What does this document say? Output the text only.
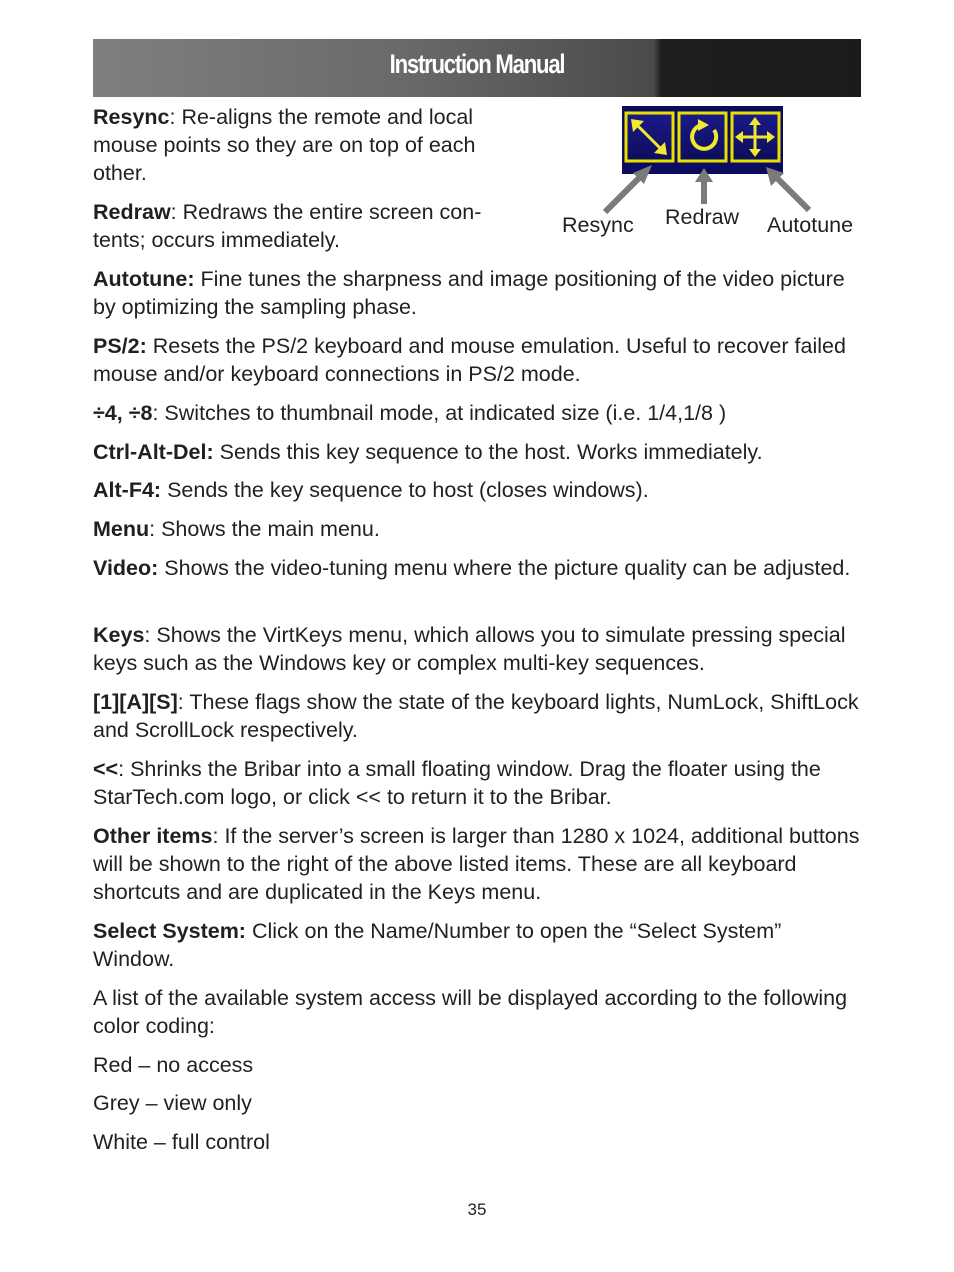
Instruction Manual
Resync Redraw Autotune

Resync: Re-aligns the remote and local mouse points so they are on top of each other.

Redraw: Redraws the entire screen con-tents; occurs immediately.

Autotune: Fine tunes the sharpness and image positioning of the video picture by optimizing the sampling phase.

PS/2: Resets the PS/2 keyboard and mouse emulation. Useful to recover failed mouse and/or keyboard connections in PS/2 mode.

÷4, ÷8: Switches to thumbnail mode, at indicated size (i.e. 1/4,1/8 )

Ctrl-Alt-Del: Sends this key sequence to the host. Works immediately.

Alt-F4: Sends the key sequence to host (closes windows).

Menu: Shows the main menu.

Video: Shows the video-tuning menu where the picture quality can be adjusted.

Keys: Shows the VirtKeys menu, which allows you to simulate pressing special keys such as the Windows key or complex multi-key sequences.

[1][A][S]: These flags show the state of the keyboard lights, NumLock, ShiftLock and ScrollLock respectively.

<<: Shrinks the Bribar into a small floating window. Drag the floater using the StarTech.com logo, or click << to return it to the Bribar.

Other items: If the server’s screen is larger than 1280 x 1024, additional buttons will be shown to the right of the above listed items. These are all keyboard shortcuts and are duplicated in the Keys menu.

Select System: Click on the Name/Number to open the “Select System” Window.

A list of the available system access will be displayed according to the following color coding:

Red – no access

Grey – view only

White – full control

35
